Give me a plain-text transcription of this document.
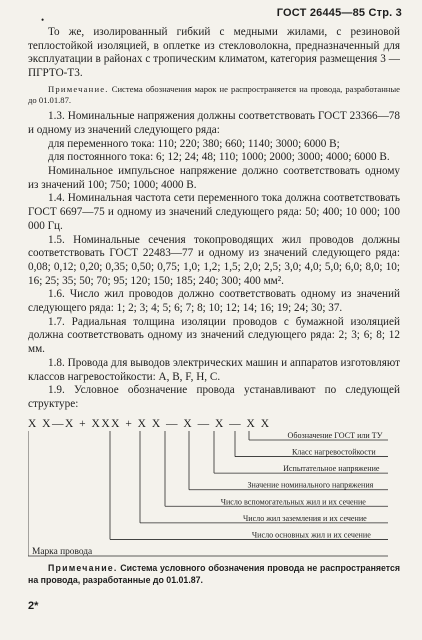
•
ГОСТ 26445—85 Стр. 3

То же, изолированный гибкий с медными жилами, с резиновой теплостойкой изоляцией, в оплетке из стекловолокна, предназначенный для эксплуатации в районах с тропическим климатом, категория размещения 3 — ПГРТО-Т3.

Примечание. Система обозначения марок не распространяется на провода, разработанные до 01.01.87.

1.3. Номинальные напряжения должны соответствовать ГОСТ 23366—78 и одному из значений следующего ряда:

для переменного тока: 110; 220; 380; 660; 1140; 3000; 6000 В;

для постоянного тока: 6; 12; 24; 48; 110; 1000; 2000; 3000; 4000; 6000 В.

Номинальное импульсное напряжение должно соответствовать одному из значений 100; 750; 1000; 4000 В.

1.4. Номинальная частота сети переменного тока должна соответствовать ГОСТ 6697—75 и одному из значений следующего ряда: 50; 400; 10 000; 100 000 Гц.

1.5. Номинальные сечения токопроводящих жил проводов должны соответствовать ГОСТ 22483—77 и одному из значений следующего ряда: 0,08; 0,12; 0,20; 0,35; 0,50; 0,75; 1,0; 1,2; 1,5; 2,0; 2,5; 3,0; 4,0; 5,0; 6,0; 8,0; 10; 16; 25; 35; 50; 70; 95; 120; 150; 185; 240; 300; 400 мм².

1.6. Число жил проводов должно соответствовать одному из значений следующего ряда: 1; 2; 3; 4; 5; 6; 7; 8; 10; 12; 14; 16; 19; 24; 30; 37.

1.7. Радиальная толщина изоляции проводов с бумажной изоляцией должна соответствовать одному из значений следующего ряда: 2; 3; 6; 8; 12 мм.

1.8. Провода для выводов электрических машин и аппаратов изготовляют классов нагревостойкости: A, B, F, H, C.

1.9. Условное обозначение провода устанавливают по следующей структуре:

X X—X + XXX + X X — X — X — X X
Обозначение ГОСТ или ТУ
Класс нагревостойкости
Испытательное напряжение
Значение номинального напряжения
Число вспомогательных жил и их сечение
Число жил заземления и их сечение
Число основных жил и их сечение
Марка провода

Примечание. Система условного обозначения провода не распространяется на провода, разработанные до 01.01.87.

2*
